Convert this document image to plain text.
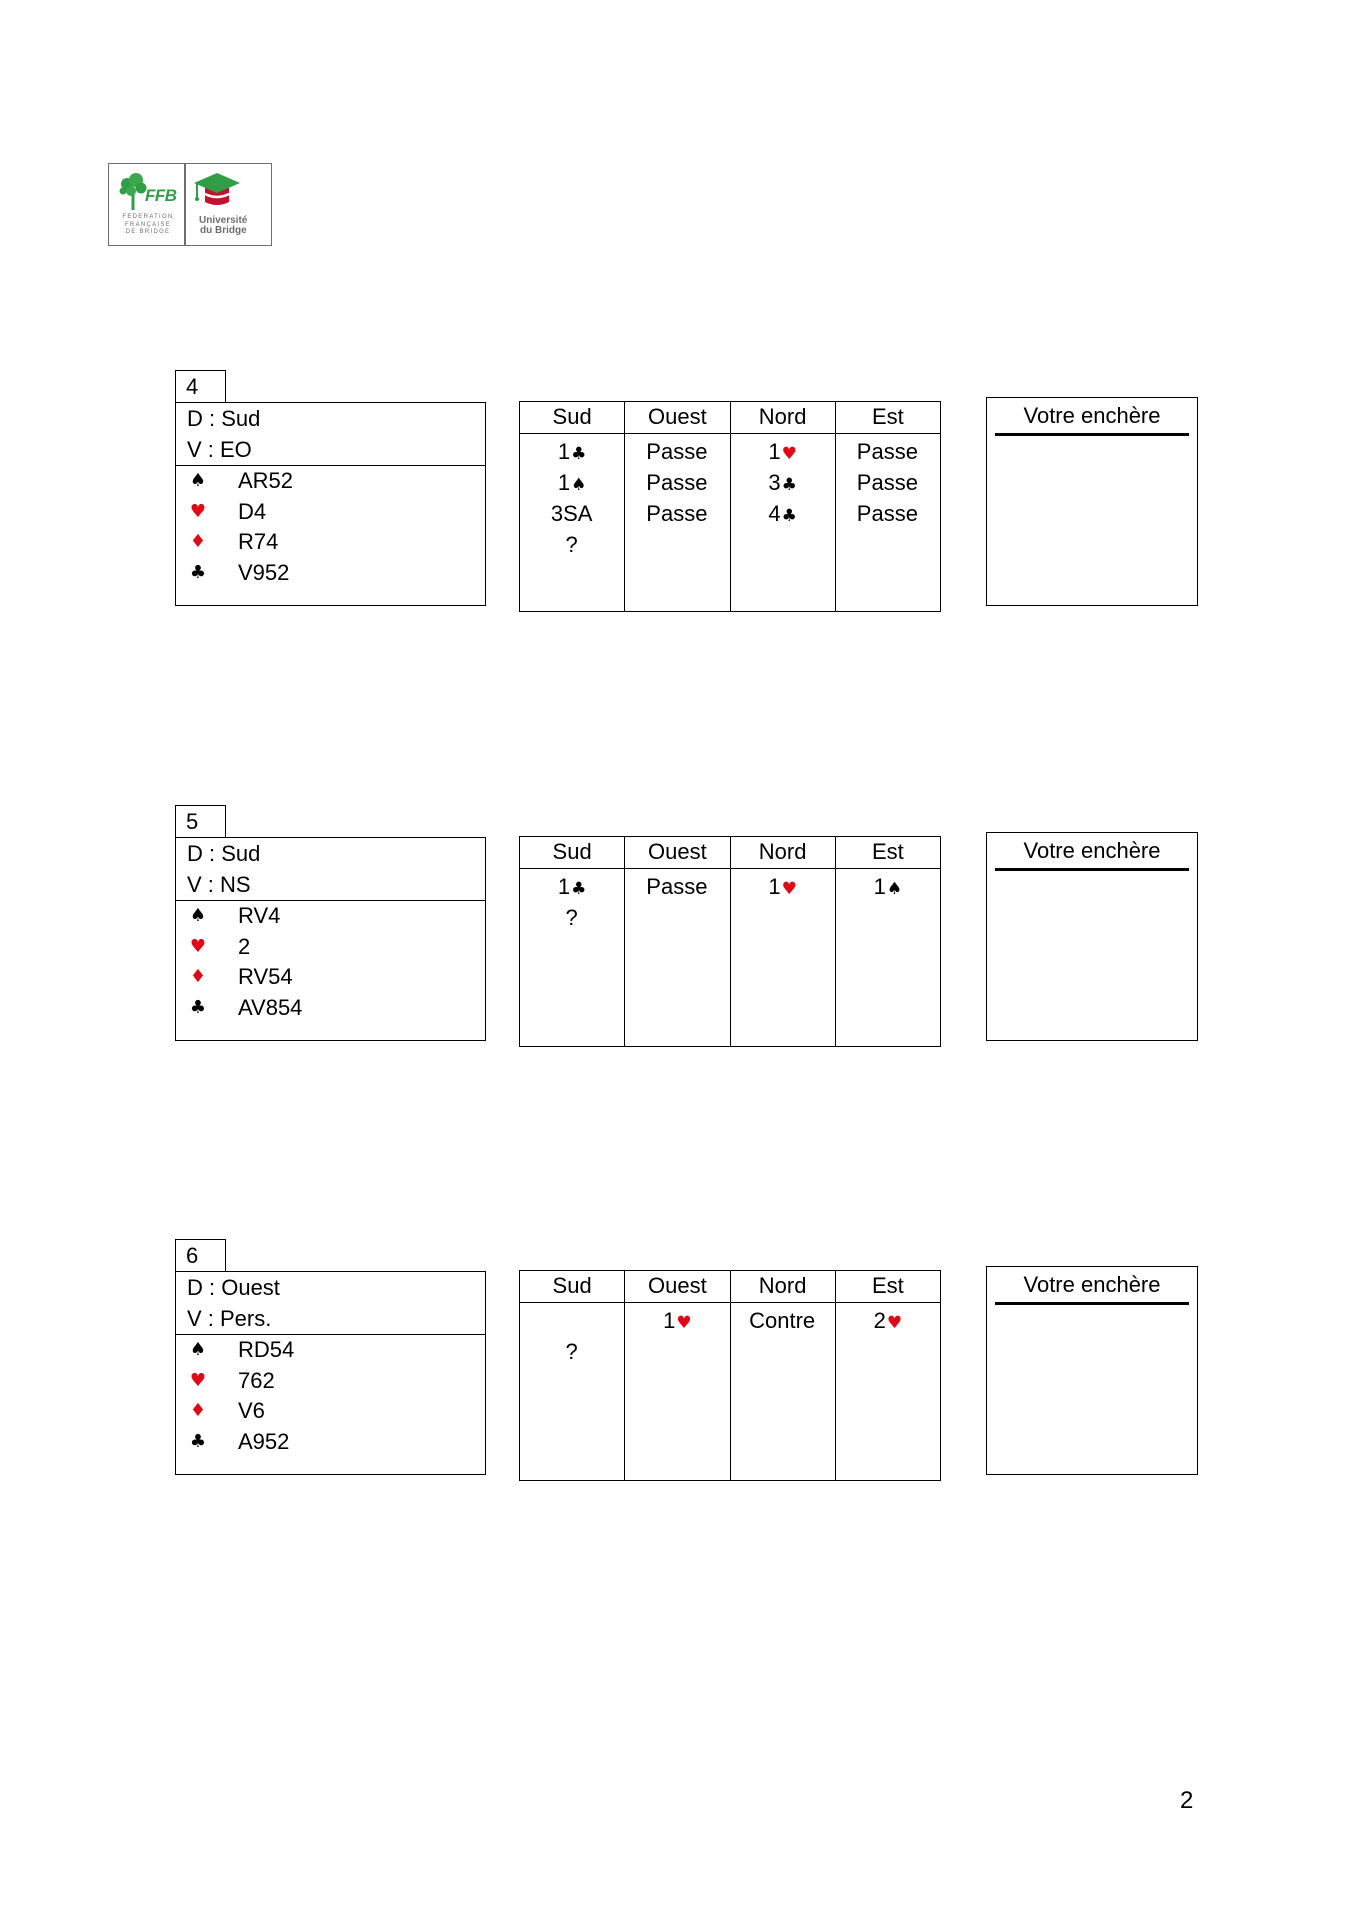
FFB
FEDERATION
FRANÇAISE
DE BRIDGE
Université
du Bridge
4
D : Sud
V : EO
♠ AR52
♥ D4
♦ R74
♣ V952
Sud
1♣
1♠
3SA
?
Ouest
Passe
Passe
Passe
Nord
1♥
3♣
4♣
Est
Passe
Passe
Passe
Votre enchère
5
D : Sud
V : NS
♠ RV4
♥ 2
♦ RV54
♣ AV854
Sud
1♣
?
Ouest
Passe
Nord
1♥
Est
1♠
Votre enchère
6
D : Ouest
V : Pers.
♠ RD54
♥ 762
♦ V6
♣ A952
Sud
?
Ouest
1♥
Nord
Contre
Est
2♥
Votre enchère
2
